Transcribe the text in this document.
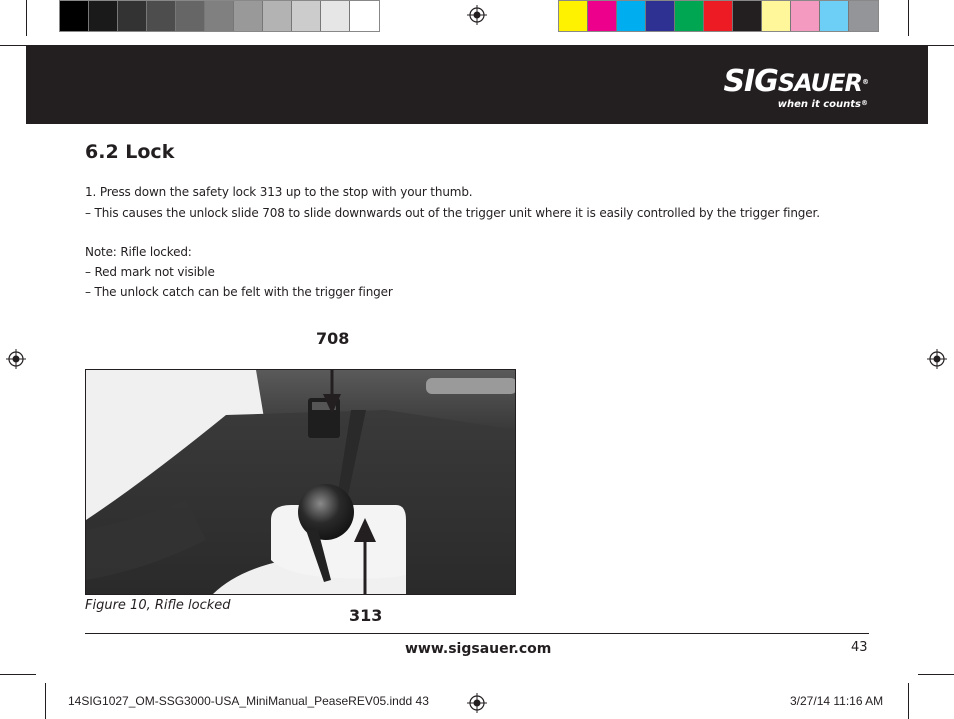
SIGSAUER®
when it counts®
6.2 Lock
1. Press down the safety lock 313 up to the stop with your thumb.
– This causes the unlock slide 708 to slide downwards out of the trigger unit where it is easily controlled by the trigger finger.
Note: Rifle locked:
– Red mark not visible
– The unlock catch can be felt with the trigger finger
708
Figure 10, Rifle locked
313
www.sigsauer.com	43
14SIG1027_OM-SSG3000-USA_MiniManual_PeaseREV05.indd 43	3/27/14 11:16 AM
